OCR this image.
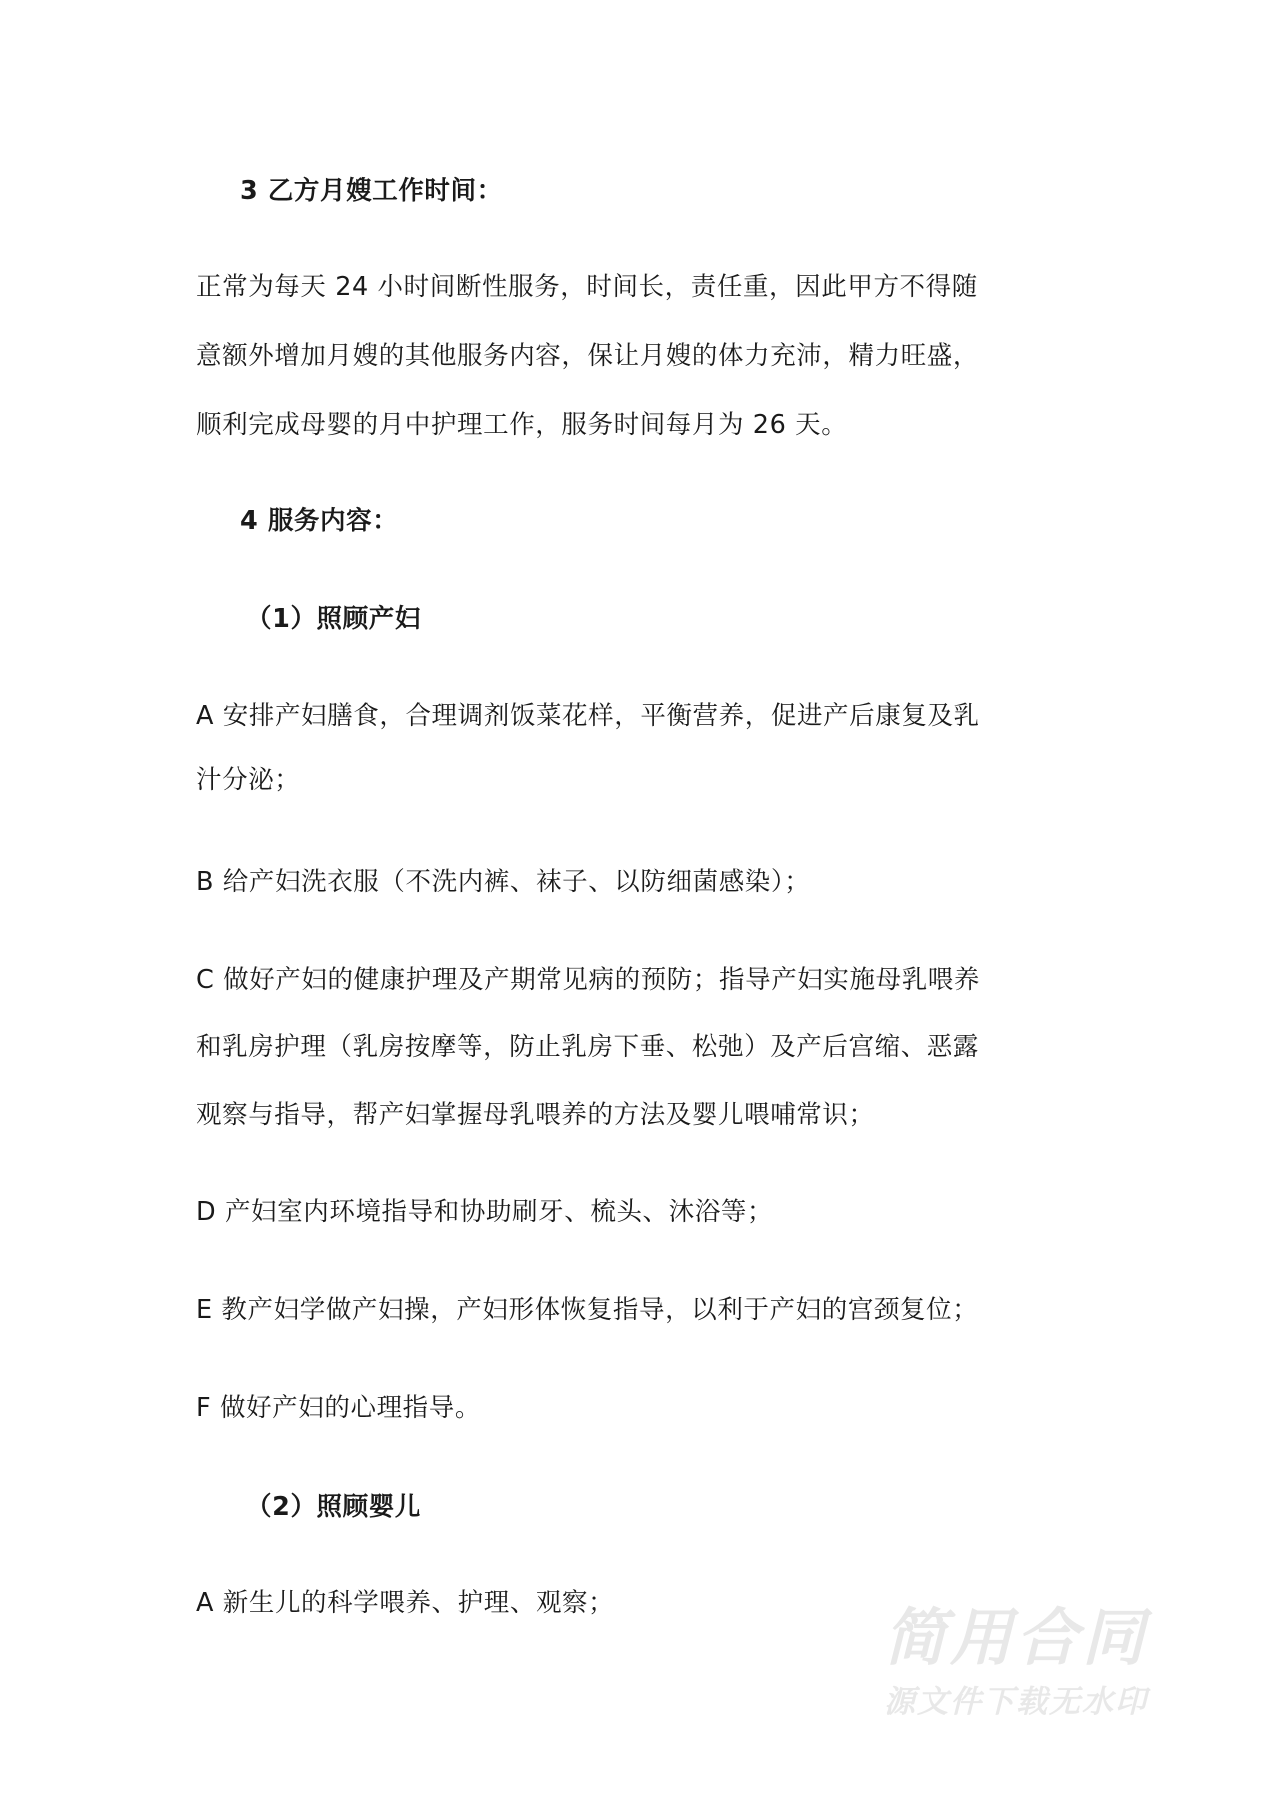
3 乙方月嫂工作时间：
正常为每天 24 小时间断性服务，时间长，责任重，因此甲方不得随
意额外增加月嫂的其他服务内容，保让月嫂的体力充沛，精力旺盛，
顺利完成母婴的月中护理工作，服务时间每月为 26 天。
4 服务内容：
（1）照顾产妇
A 安排产妇膳食，合理调剂饭菜花样，平衡营养，促进产后康复及乳
汁分泌；
B 给产妇洗衣服（不洗内裤、袜子、以防细菌感染）；
C 做好产妇的健康护理及产期常见病的预防；指导产妇实施母乳喂养
和乳房护理（乳房按摩等，防止乳房下垂、松弛）及产后宫缩、恶露
观察与指导，帮产妇掌握母乳喂养的方法及婴儿喂哺常识；
D 产妇室内环境指导和协助刷牙、梳头、沐浴等；
E 教产妇学做产妇操，产妇形体恢复指导，以利于产妇的宫颈复位；
F 做好产妇的心理指导。
（2）照顾婴儿
A 新生儿的科学喂养、护理、观察；	简用合同
源文件下载无水印
